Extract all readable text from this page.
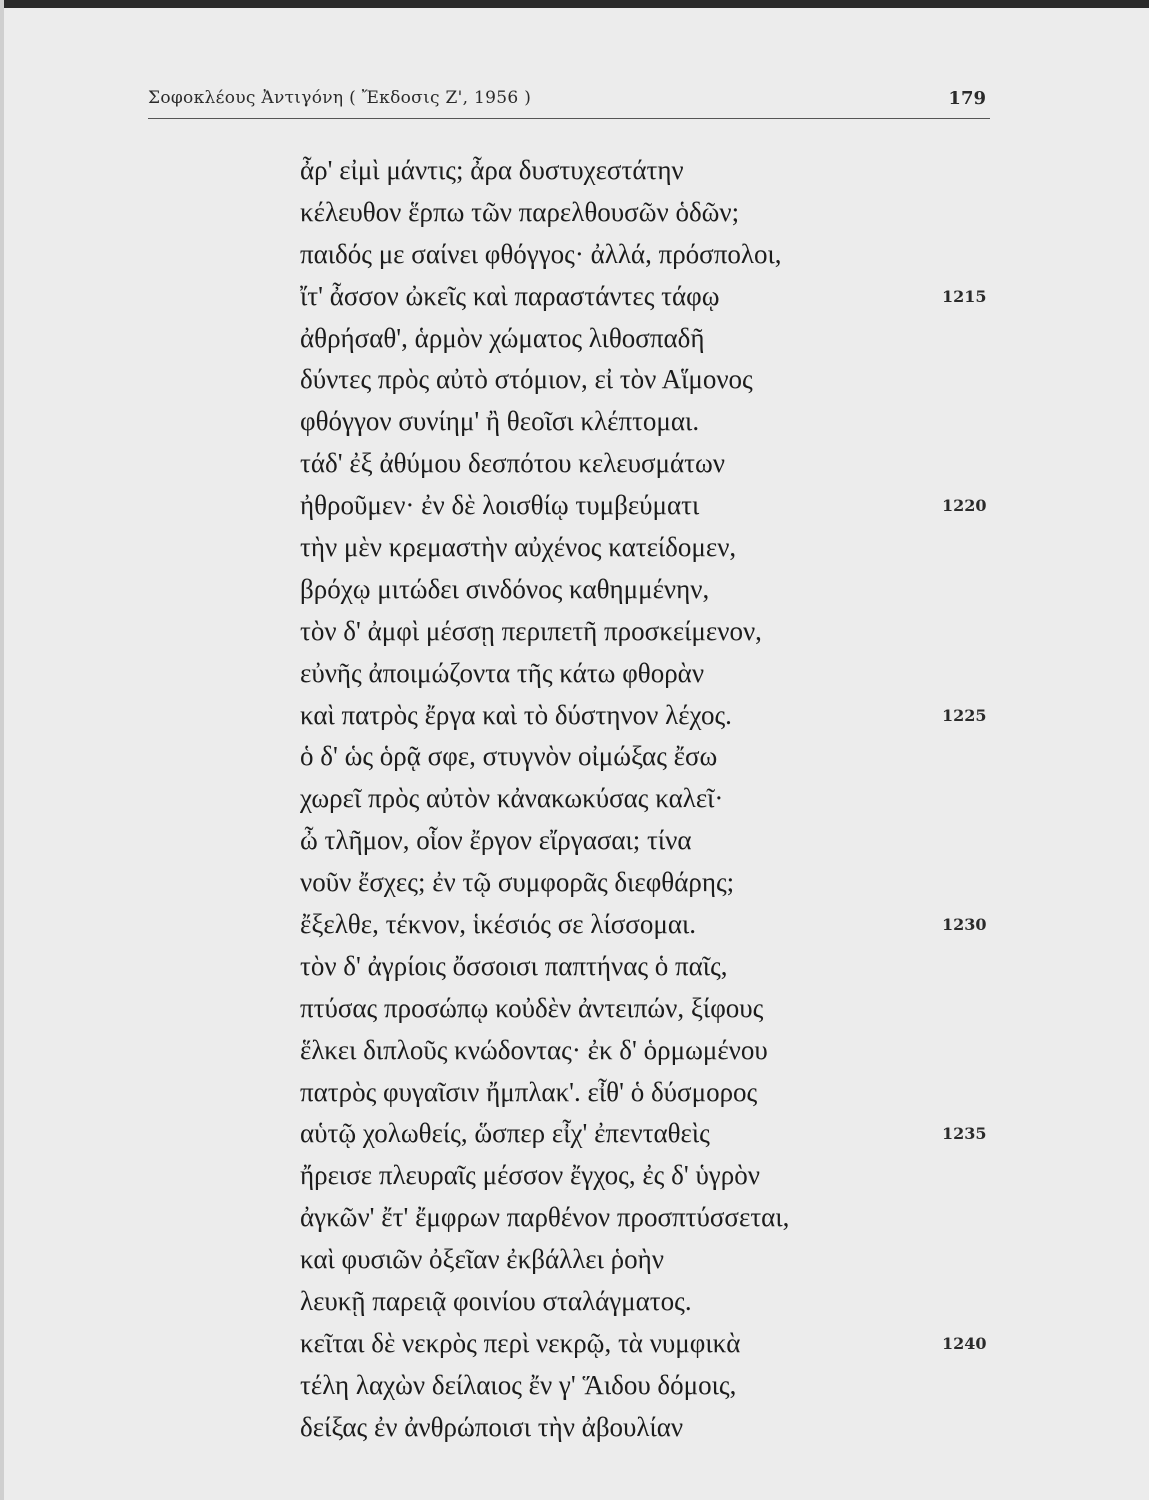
Σοφοκλέους Ἀντιγόνη ( Ἔκδοσις Ζ', 1956 )	179
ἆρ' εἰμὶ μάντις; ἆρα δυστυχεστάτην
κέλευθον ἕρπω τῶν παρελθουσῶν ὁδῶν;
παιδός με σαίνει φθόγγος· ἀλλά, πρόσπολοι,
ἴτ' ἆσσον ὠκεῖς καὶ παραστάντες τάφῳ	1215
ἀθρήσαθ', ἁρμὸν χώματος λιθοσπαδῆ
δύντες πρὸς αὐτὸ στόμιον, εἰ τὸν Αἵμονος
φθόγγον συνίημ' ἢ θεοῖσι κλέπτομαι.
τάδ' ἐξ ἀθύμου δεσπότου κελευσμάτων
ἠθροῦμεν· ἐν δὲ λοισθίῳ τυμβεύματι	1220
τὴν μὲν κρεμαστὴν αὐχένος κατείδομεν,
βρόχῳ μιτώδει σινδόνος καθημμένην,
τὸν δ' ἀμφὶ μέσσῃ περιπετῆ προσκείμενον,
εὐνῆς ἀποιμώζοντα τῆς κάτω φθορὰν
καὶ πατρὸς ἔργα καὶ τὸ δύστηνον λέχος.	1225
ὁ δ' ὡς ὁρᾷ σφε, στυγνὸν οἰμώξας ἔσω
χωρεῖ πρὸς αὐτὸν κἀνακωκύσας καλεῖ·
ὦ τλῆμον, οἷον ἔργον εἴργασαι; τίνα
νοῦν ἔσχες; ἐν τῷ συμφορᾶς διεφθάρης;
ἔξελθε, τέκνον, ἱκέσιός σε λίσσομαι.	1230
τὸν δ' ἀγρίοις ὄσσοισι παπτήνας ὁ παῖς,
πτύσας προσώπῳ κοὐδὲν ἀντειπών, ξίφους
ἕλκει διπλοῦς κνώδοντας· ἐκ δ' ὁρμωμένου
πατρὸς φυγαῖσιν ἤμπλακ'. εἶθ' ὁ δύσμορος
αὑτῷ χολωθείς, ὥσπερ εἶχ' ἐπενταθεὶς	1235
ἤρεισε πλευραῖς μέσσον ἔγχος, ἐς δ' ὑγρὸν
ἀγκῶν' ἔτ' ἔμφρων παρθένον προσπτύσσεται,
καὶ φυσιῶν ὀξεῖαν ἐκβάλλει ῥοὴν
λευκῇ παρειᾷ φοινίου σταλάγματος.
κεῖται δὲ νεκρὸς περὶ νεκρῷ, τὰ νυμφικὰ	1240
τέλη λαχὼν δείλαιος ἔν γ' Ἅιδου δόμοις,
δείξας ἐν ἀνθρώποισι τὴν ἀβουλίαν
